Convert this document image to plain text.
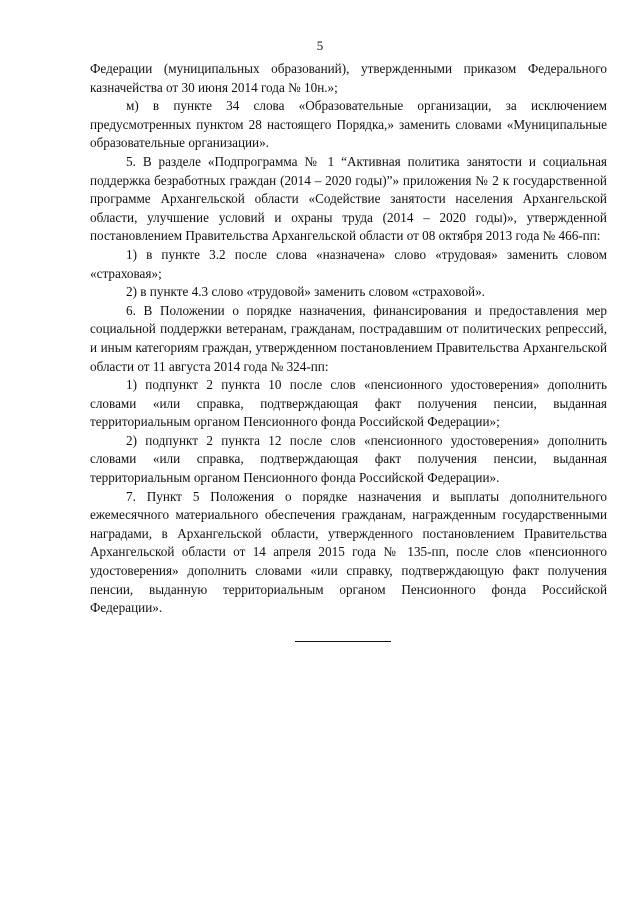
5

Федерации (муниципальных образований), утвержденными приказом Федерального казначейства от 30 июня 2014 года № 10н.»;

м) в пункте 34 слова «Образовательные организации, за исключением предусмотренных пунктом 28 настоящего Порядка,» заменить словами «Муниципальные образовательные организации».

5. В разделе «Подпрограмма № 1 “Активная политика занятости и социальная поддержка безработных граждан (2014 – 2020 годы)”» приложения № 2 к государственной программе Архангельской области «Содействие занятости населения Архангельской области, улучшение условий и охраны труда (2014 – 2020 годы)», утвержденной постановлением Правительства Архангельской области от 08 октября 2013 года № 466-пп:

1) в пункте 3.2 после слова «назначена» слово «трудовая» заменить словом «страховая»;

2) в пункте 4.3 слово «трудовой» заменить словом «страховой».

6. В Положении о порядке назначения, финансирования и предоставления мер социальной поддержки ветеранам, гражданам, пострадавшим от политических репрессий, и иным категориям граждан, утвержденном постановлением Правительства Архангельской области от 11 августа 2014 года № 324-пп:

1) подпункт 2 пункта 10 после слов «пенсионного удостоверения» дополнить словами «или справка, подтверждающая факт получения пенсии, выданная территориальным органом Пенсионного фонда Российской Федерации»;

2) подпункт 2 пункта 12 после слов «пенсионного удостоверения» дополнить словами «или справка, подтверждающая факт получения пенсии, выданная территориальным органом Пенсионного фонда Российской Федерации».

7. Пункт 5 Положения о порядке назначения и выплаты дополнительного ежемесячного материального обеспечения гражданам, награжденным государственными наградами, в Архангельской области, утвержденного постановлением Правительства Архангельской области от 14 апреля 2015 года № 135-пп, после слов «пенсионного удостоверения» дополнить словами «или справку, подтверждающую факт получения пенсии, выданную территориальным органом Пенсионного фонда Российской Федерации».
